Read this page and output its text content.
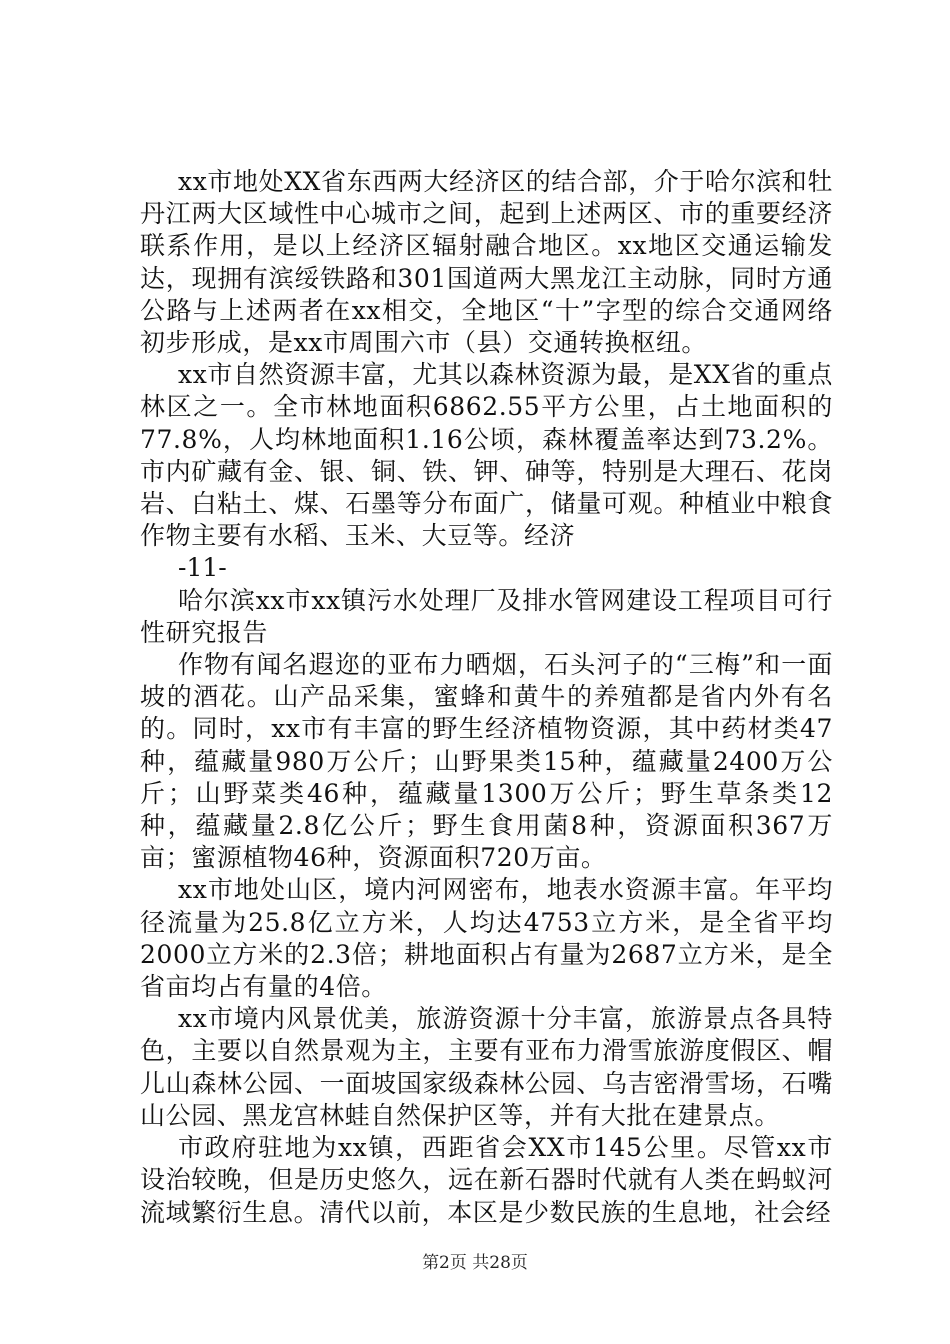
xx市地处XX省东西两大经济区的结合部，介于哈尔滨和牡丹江两大区域性中心城市之间，起到上述两区、市的重要经济联系作用，是以上经济区辐射融合地区。xx地区交通运输发达，现拥有滨绥铁路和301国道两大黑龙江主动脉，同时方通公路与上述两者在xx相交，全地区“十”字型的综合交通网络初步形成，是xx市周围六市（县）交通转换枢纽。

xx市自然资源丰富，尤其以森林资源为最，是XX省的重点林区之一。全市林地面积6862.55平方公里，占土地面积的77.8%，人均林地面积1.16公顷，森林覆盖率达到73.2%。市内矿藏有金、银、铜、铁、钾、砷等，特别是大理石、花岗岩、白粘土、煤、石墨等分布面广，储量可观。种植业中粮食作物主要有水稻、玉米、大豆等。经济

-11-

哈尔滨xx市xx镇污水处理厂及排水管网建设工程项目可行性研究报告

作物有闻名遐迩的亚布力晒烟，石头河子的“三梅”和一面坡的酒花。山产品采集，蜜蜂和黄牛的养殖都是省内外有名的。同时，xx市有丰富的野生经济植物资源，其中药材类47种，蕴藏量980万公斤；山野果类15种，蕴藏量2400万公斤；山野菜类46种，蕴藏量1300万公斤；野生草条类12种，蕴藏量2.8亿公斤；野生食用菌8种，资源面积367万亩；蜜源植物46种，资源面积720万亩。

xx市地处山区，境内河网密布，地表水资源丰富。年平均径流量为25.8亿立方米，人均达4753立方米，是全省平均2000立方米的2.3倍；耕地面积占有量为2687立方米，是全省亩均占有量的4倍。

xx市境内风景优美，旅游资源十分丰富，旅游景点各具特色，主要以自然景观为主，主要有亚布力滑雪旅游度假区、帽儿山森林公园、一面坡国家级森林公园、乌吉密滑雪场，石嘴山公园、黑龙宫林蛙自然保护区等，并有大批在建景点。

市政府驻地为xx镇，西距省会XX市145公里。尽管xx市设治较晚，但是历史悠久，远在新石器时代就有人类在蚂蚁河流域繁衍生息。清代以前，本区是少数民族的生息地，社会经

第2页 共28页
